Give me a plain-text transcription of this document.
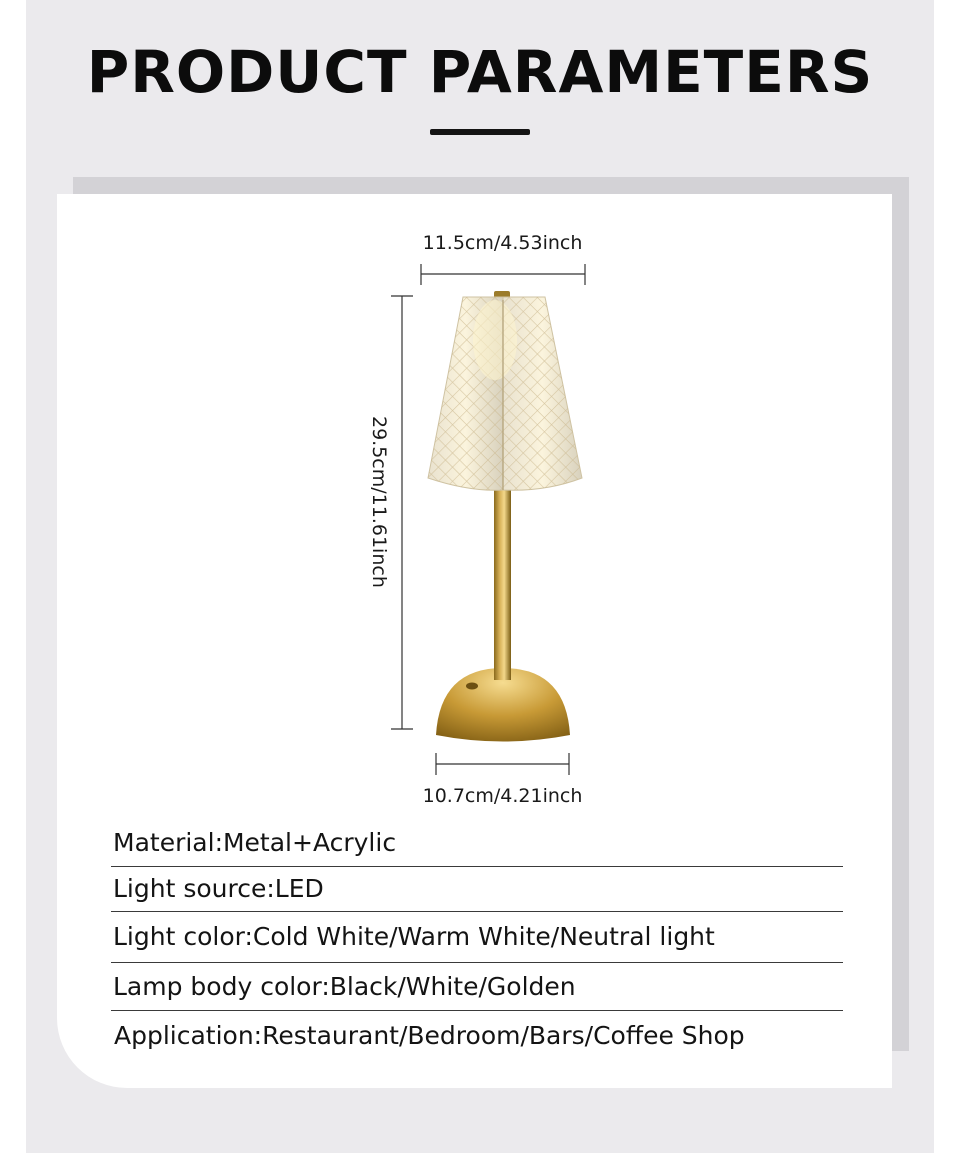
PRODUCT PARAMETERS
11.5cm/4.53inch
29.5cm/11.61inch
10.7cm/4.21inch
Material:Metal+Acrylic
Light source:LED
Light color:Cold White/Warm White/Neutral light
Lamp body color:Black/White/Golden
Application:Restaurant/Bedroom/Bars/Coffee Shop
